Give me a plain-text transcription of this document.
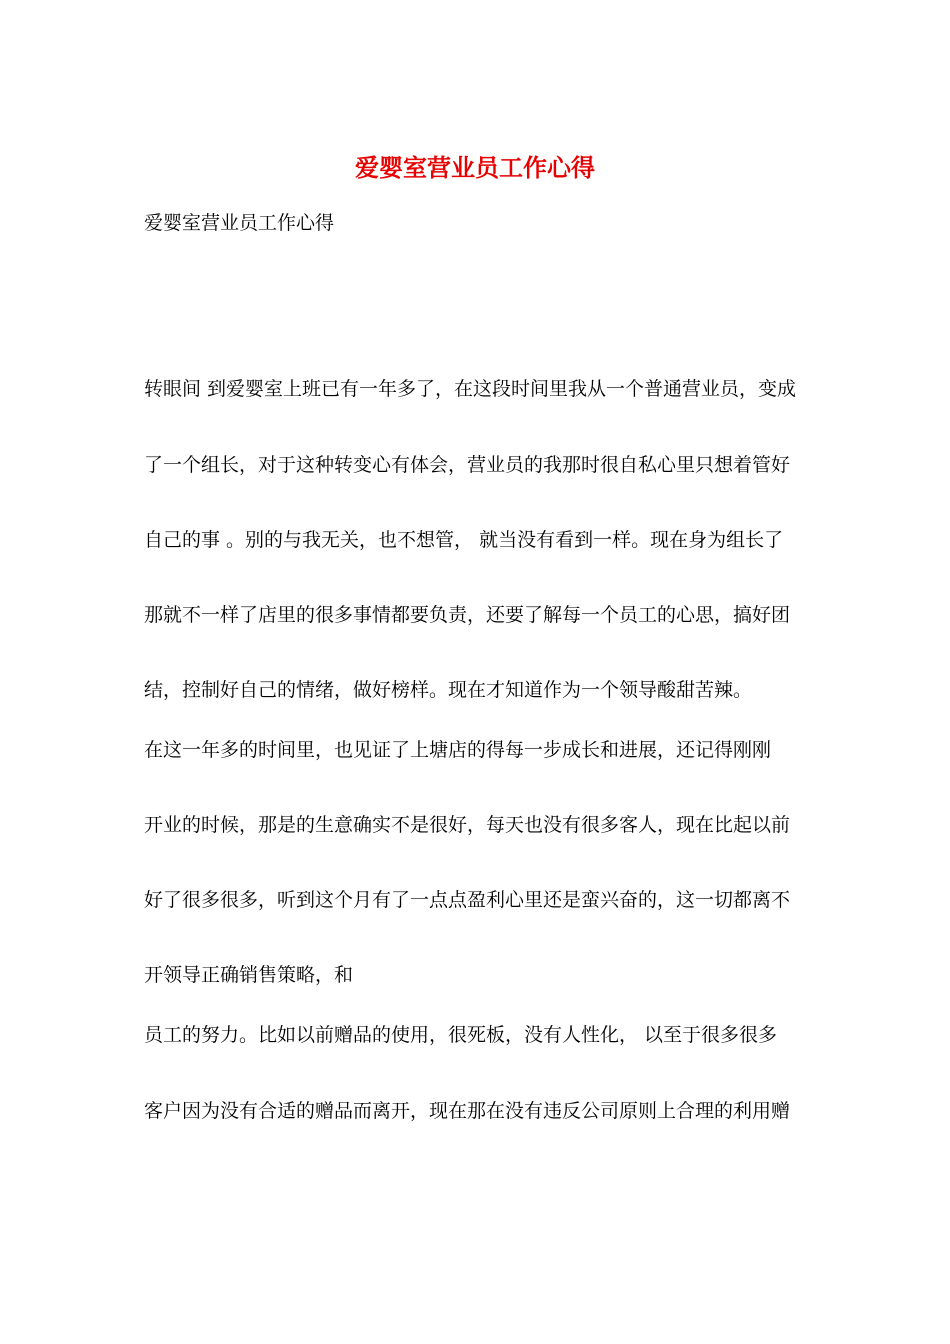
爱婴室营业员工作心得
爱婴室营业员工作心得
转眼间 到爱婴室上班已有一年多了，在这段时间里我从一个普通营业员，变成
了一个组长，对于这种转变心有体会，营业员的我那时很自私心里只想着管好
自己的事 。别的与我无关，也不想管， 就当没有看到一样。现在身为组长了
那就不一样了店里的很多事情都要负责，还要了解每一个员工的心思，搞好团
结，控制好自己的情绪，做好榜样。现在才知道作为一个领导酸甜苦辣。
在这一年多的时间里，也见证了上塘店的得每一步成长和进展，还记得刚刚
开业的时候，那是的生意确实不是很好，每天也没有很多客人，现在比起以前
好了很多很多，听到这个月有了一点点盈利心里还是蛮兴奋的，这一切都离不
开领导正确销售策略，和
员工的努力。比如以前赠品的使用，很死板，没有人性化， 以至于很多很多
客户因为没有合适的赠品而离开，现在那在没有违反公司原则上合理的利用赠
